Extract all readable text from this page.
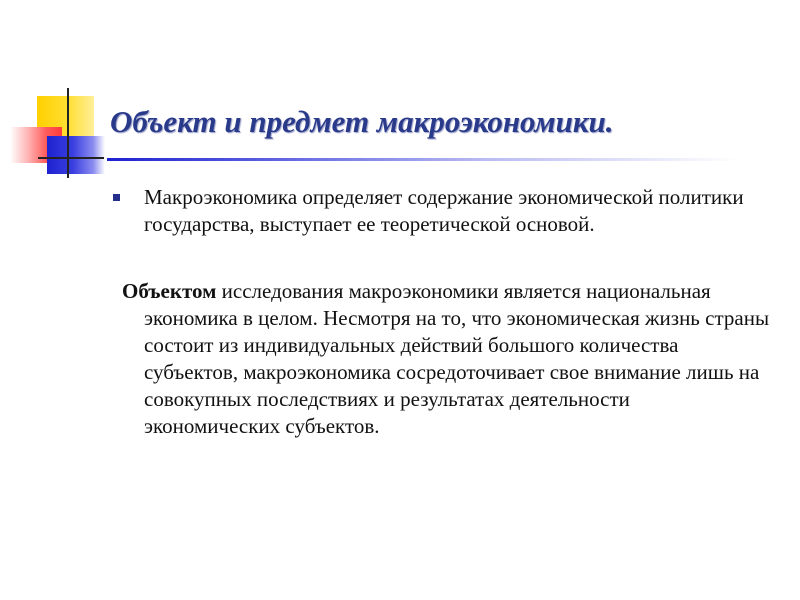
Объект и предмет макроэкономики.

Макроэкономика определяет содержание экономической политики государства, выступает ее теоретической основой.

Объектом исследования макроэкономики является национальная экономика в целом. Несмотря на то, что экономическая жизнь страны состоит из индивидуальных действий большого количества субъектов, макроэкономика сосредоточивает свое внимание лишь на совокупных последствиях и результатах деятельности экономических субъектов.
